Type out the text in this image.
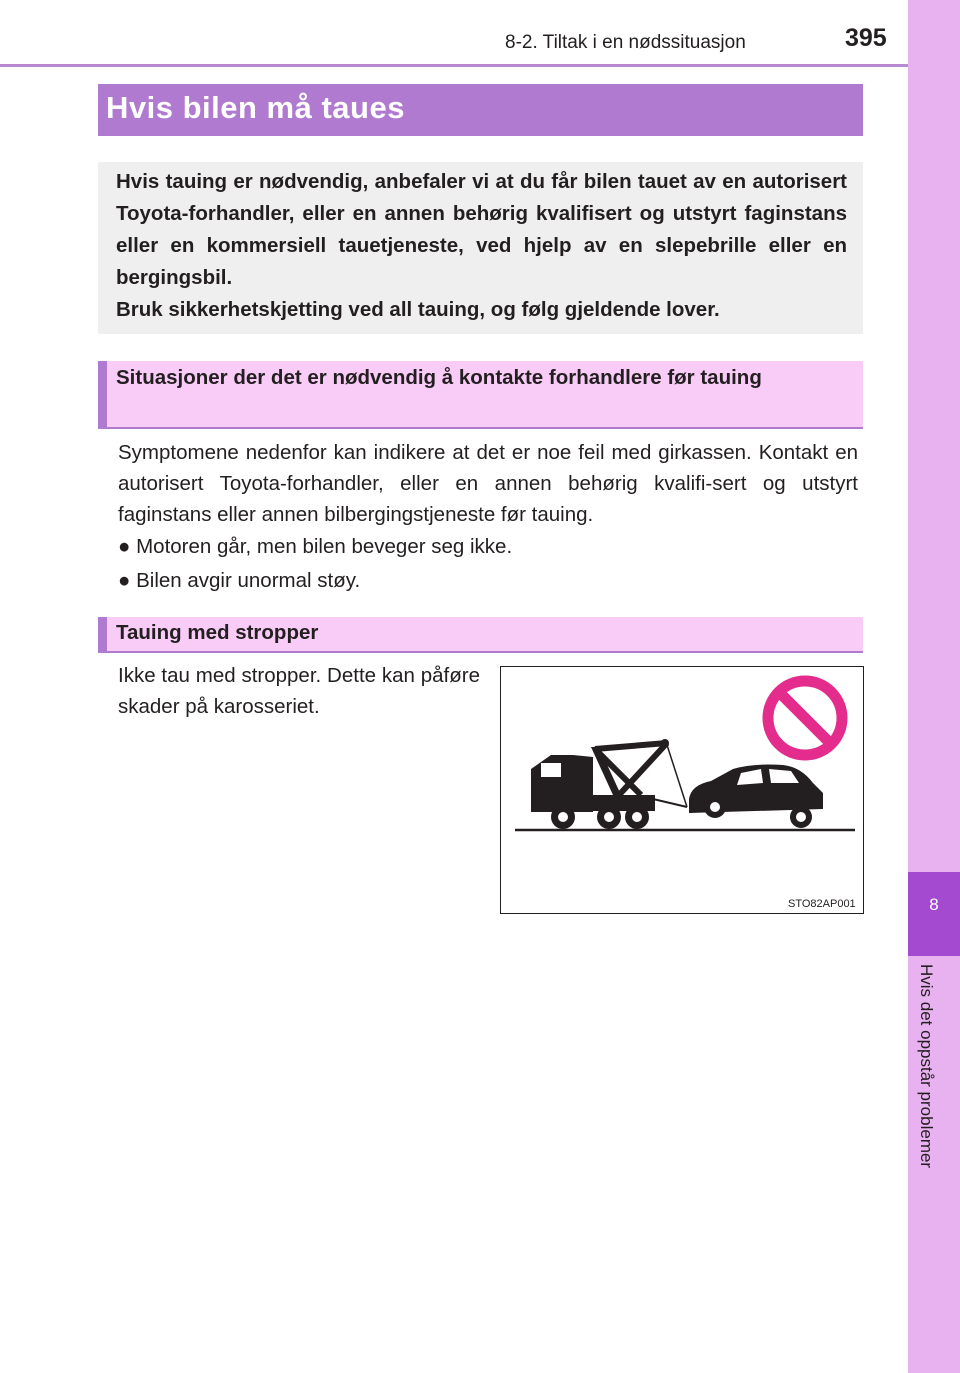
8-2. Tiltak i en nødssituasjon	395
8
Hvis det oppstår problemer
Hvis bilen må taues

Hvis tauing er nødvendig, anbefaler vi at du får bilen tauet av en autorisert Toyota-forhandler, eller en annen behørig kvalifisert og utstyrt faginstans eller en kommersiell tauetjeneste, ved hjelp av en slepebrille eller en bergingsbil.

Bruk sikkerhetskjetting ved all tauing, og følg gjeldende lover.

Situasjoner der det er nødvendig å kontakte forhandlere før tauing

Symptomene nedenfor kan indikere at det er noe feil med girkassen. Kontakt en autorisert Toyota-forhandler, eller en annen behørig kvalifi-sert og utstyrt faginstans eller annen bilbergingstjeneste før tauing.

● Motoren går, men bilen beveger seg ikke.
● Bilen avgir unormal støy.
Tauing med stropper

Ikke tau med stropper. Dette kan påføre skader på karosseriet.

STO82AP001
